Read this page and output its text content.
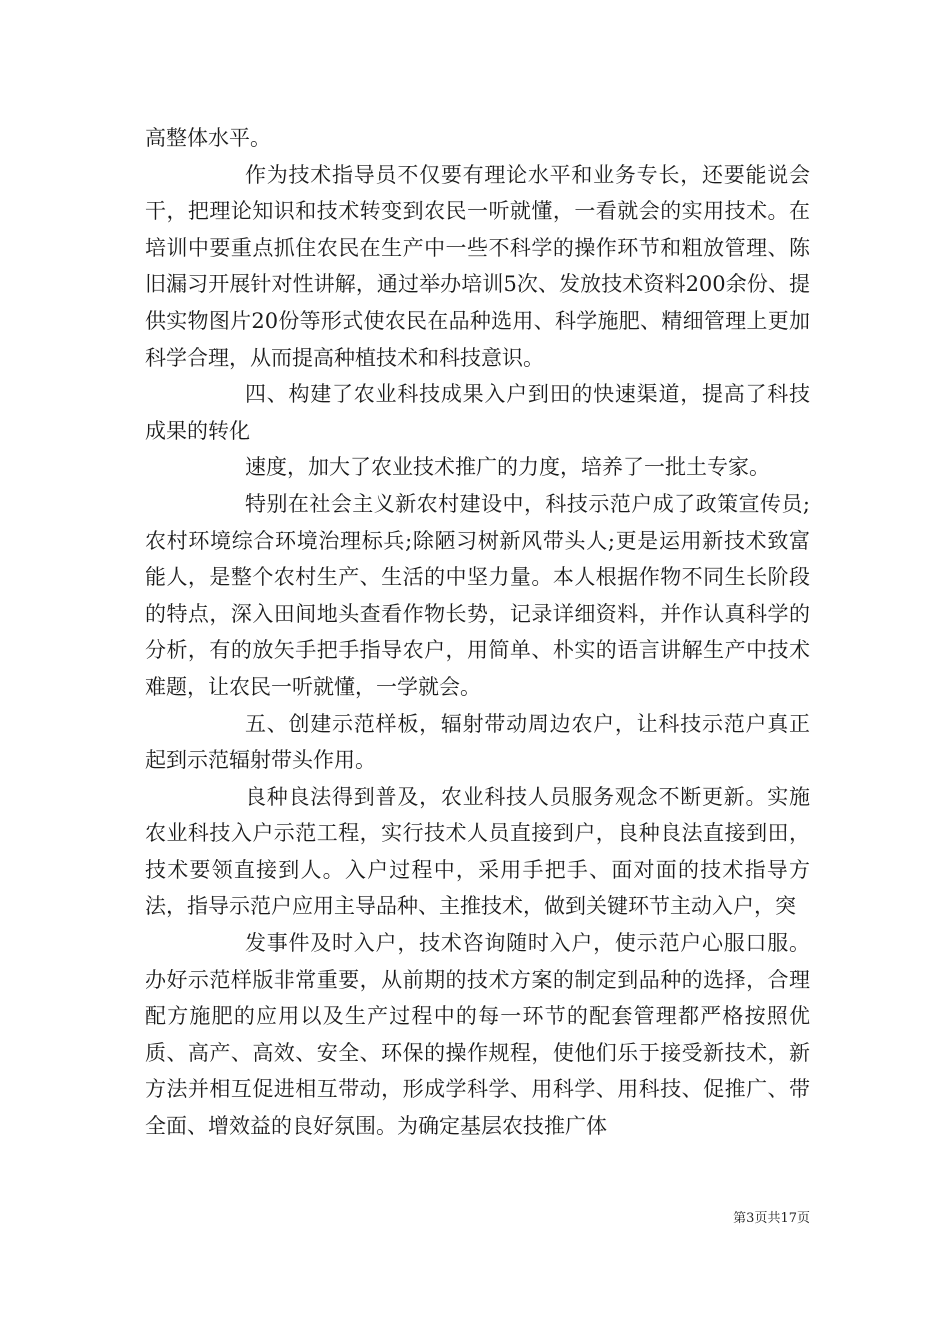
高整体水平。

作为技术指导员不仅要有理论水平和业务专长，还要能说会干，把理论知识和技术转变到农民一听就懂，一看就会的实用技术。在培训中要重点抓住农民在生产中一些不科学的操作环节和粗放管理、陈旧漏习开展针对性讲解，通过举办培训5次、发放技术资料200余份、提供实物图片20份等形式使农民在品种选用、科学施肥、精细管理上更加科学合理，从而提高种植技术和科技意识。

四、构建了农业科技成果入户到田的快速渠道，提高了科技成果的转化

速度，加大了农业技术推广的力度，培养了一批土专家。

特别在社会主义新农村建设中，科技示范户成了政策宣传员;农村环境综合环境治理标兵;除陋习树新风带头人;更是运用新技术致富能人，是整个农村生产、生活的中坚力量。本人根据作物不同生长阶段的特点，深入田间地头查看作物长势，记录详细资料，并作认真科学的分析，有的放矢手把手指导农户，用简单、朴实的语言讲解生产中技术难题，让农民一听就懂，一学就会。

五、创建示范样板，辐射带动周边农户，让科技示范户真正起到示范辐射带头作用。

良种良法得到普及，农业科技人员服务观念不断更新。实施农业科技入户示范工程，实行技术人员直接到户，良种良法直接到田，技术要领直接到人。入户过程中，采用手把手、面对面的技术指导方法，指导示范户应用主导品种、主推技术，做到关键环节主动入户，突

发事件及时入户，技术咨询随时入户，使示范户心服口服。办好示范样版非常重要，从前期的技术方案的制定到品种的选择，合理配方施肥的应用以及生产过程中的每一环节的配套管理都严格按照优质、高产、高效、安全、环保的操作规程，使他们乐于接受新技术，新方法并相互促进相互带动，形成学科学、用科学、用科技、促推广、带全面、增效益的良好氛围。为确定基层农技推广体

第3页共17页
